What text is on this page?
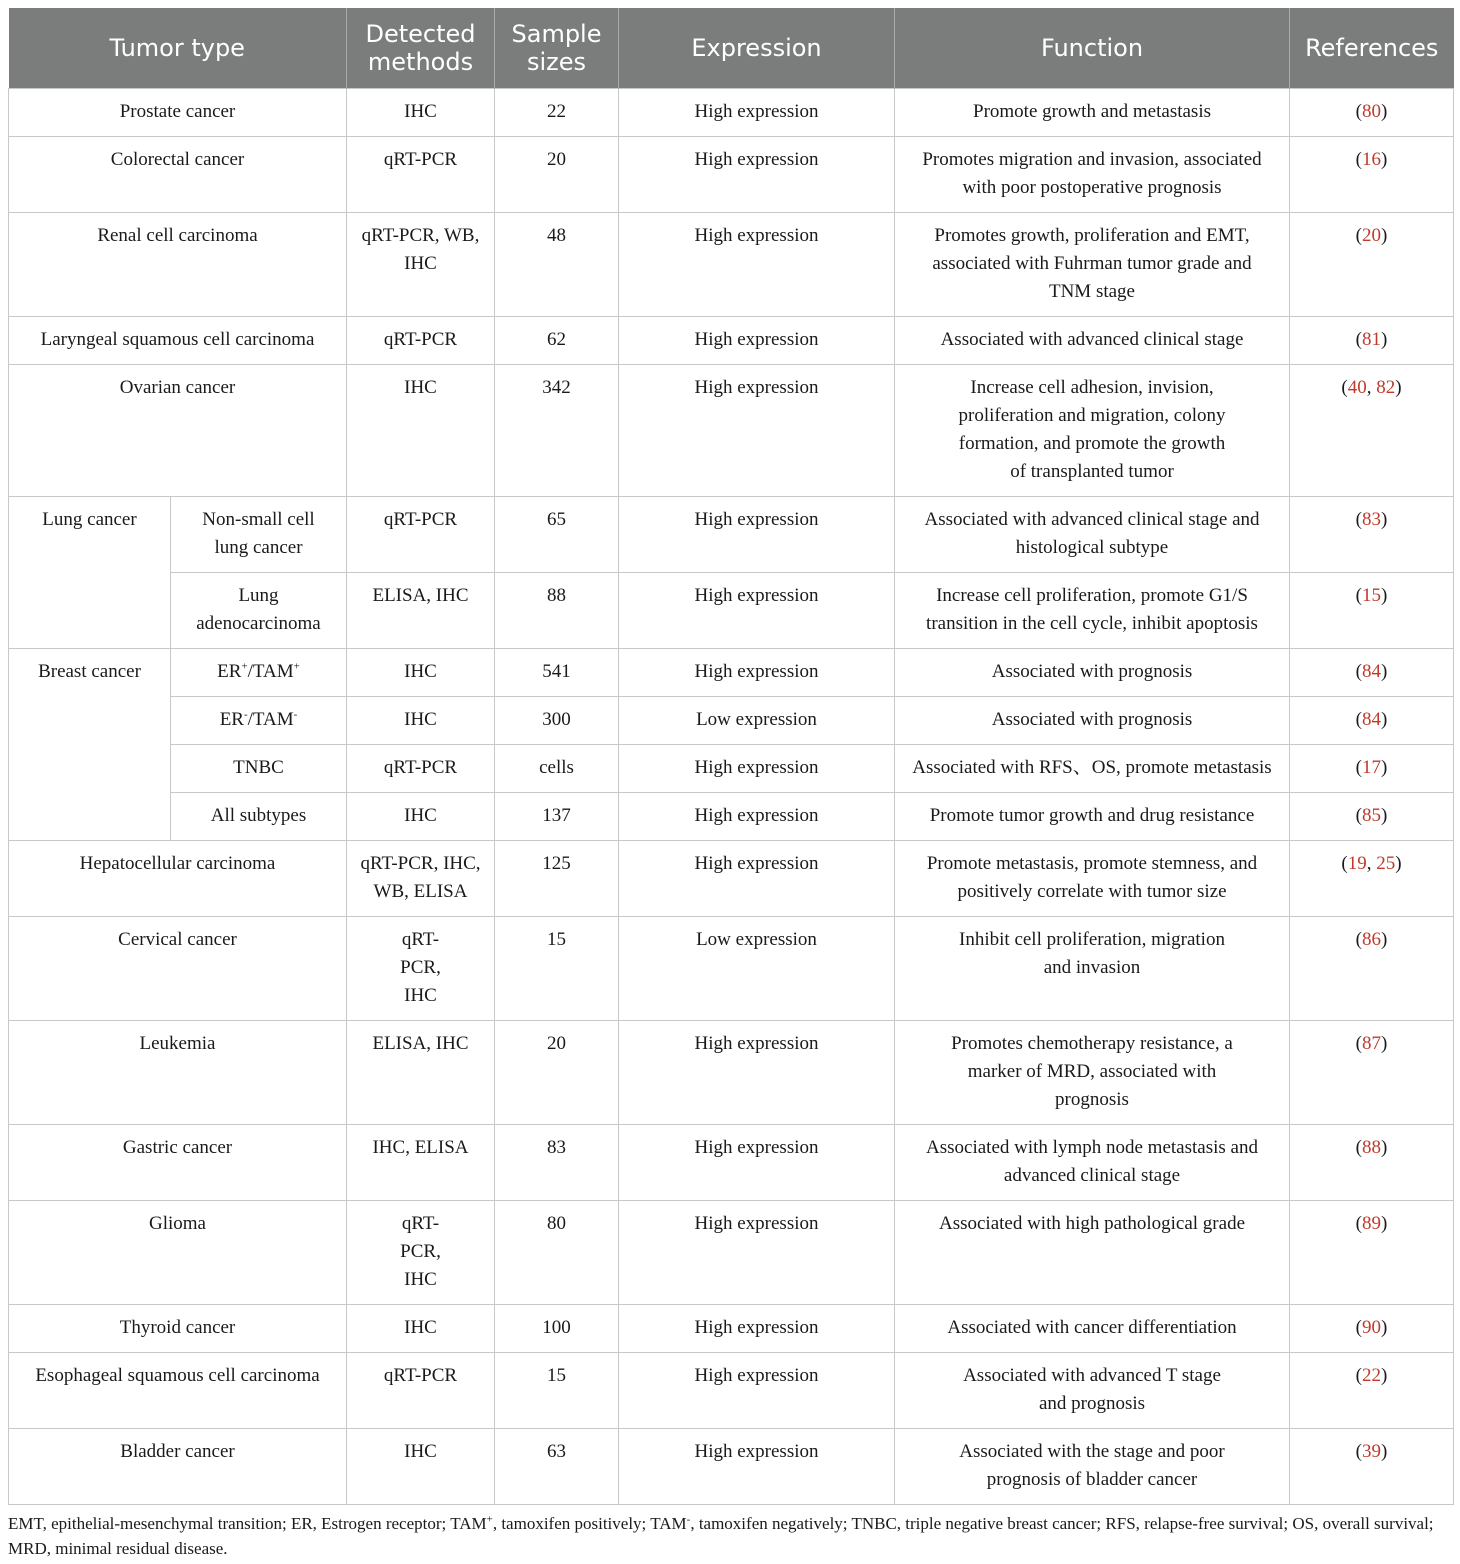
Tumor type		Detected methods	Sample sizes	Expression	Function	References
Prostate cancer		IHC	22	High expression	Promote growth and metastasis	(80)
Colorectal cancer		qRT-PCR	20	High expression	Promotes migration and invasion, associated with poor postoperative prognosis	(16)
Renal cell carcinoma		qRT-PCR, WB, IHC	48	High expression	Promotes growth, proliferation and EMT, associated with Fuhrman tumor grade and TNM stage	(20)
Laryngeal squamous cell carcinoma		qRT-PCR	62	High expression	Associated with advanced clinical stage	(81)
Ovarian cancer		IHC	342	High expression	Increase cell adhesion, invision, proliferation and migration, colony formation, and promote the growth of transplanted tumor	(40, 82)
Lung cancer	Non-small cell lung cancer	qRT-PCR	65	High expression	Associated with advanced clinical stage and histological subtype	(83)
	Lung adenocarcinoma	ELISA, IHC	88	High expression	Increase cell proliferation, promote G1/S transition in the cell cycle, inhibit apoptosis	(15)
Breast cancer	ER+/TAM+	IHC	541	High expression	Associated with prognosis	(84)
	ER-/TAM-	IHC	300	Low expression	Associated with prognosis	(84)
	TNBC	qRT-PCR	cells	High expression	Associated with RFS、OS, promote metastasis	(17)
	All subtypes	IHC	137	High expression	Promote tumor growth and drug resistance	(85)
Hepatocellular carcinoma		qRT-PCR, IHC, WB, ELISA	125	High expression	Promote metastasis, promote stemness, and positively correlate with tumor size	(19, 25)
Cervical cancer		qRT-PCR, IHC	15	Low expression	Inhibit cell proliferation, migration and invasion	(86)
Leukemia		ELISA, IHC	20	High expression	Promotes chemotherapy resistance, a marker of MRD, associated with prognosis	(87)
Gastric cancer		IHC, ELISA	83	High expression	Associated with lymph node metastasis and advanced clinical stage	(88)
Glioma		qRT-PCR, IHC	80	High expression	Associated with high pathological grade	(89)
Thyroid cancer		IHC	100	High expression	Associated with cancer differentiation	(90)
Esophageal squamous cell carcinoma		qRT-PCR	15	High expression	Associated with advanced T stage and prognosis	(22)
Bladder cancer		IHC	63	High expression	Associated with the stage and poor prognosis of bladder cancer	(39)
EMT, epithelial-mesenchymal transition; ER, Estrogen receptor; TAM+, tamoxifen positively; TAM-, tamoxifen negatively; TNBC, triple negative breast cancer; RFS, relapse-free survival; OS, overall survival; MRD, minimal residual disease.
